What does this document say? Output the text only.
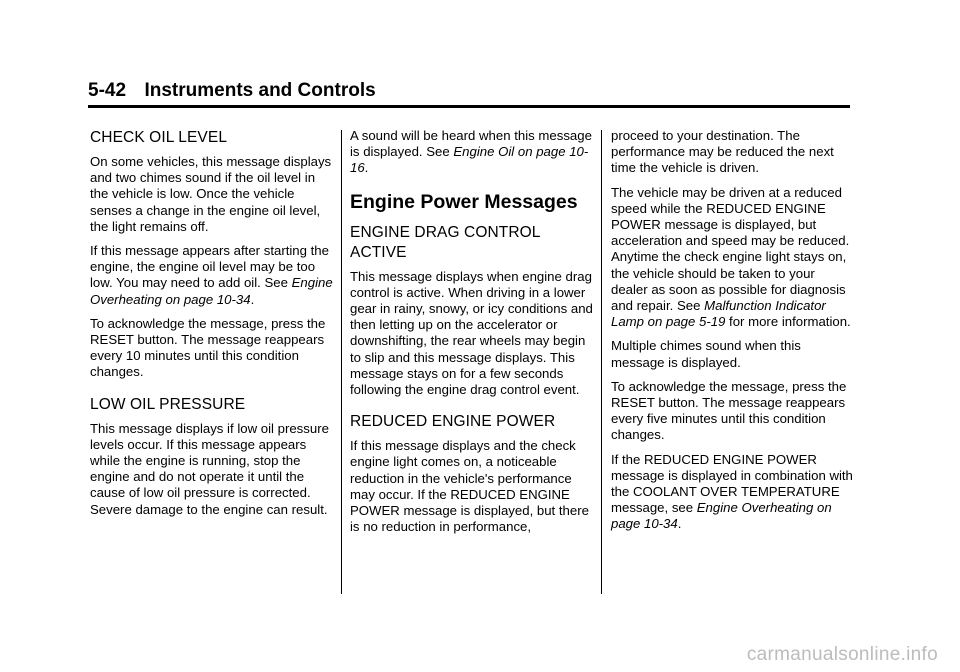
5-42 Instruments and Controls
CHECK OIL LEVEL

On some vehicles, this message displays and two chimes sound if the oil level in the vehicle is low. Once the vehicle senses a change in the engine oil level, the light remains off.

If this message appears after starting the engine, the engine oil level may be too low. You may need to add oil. See Engine Overheating on page 10-34.

To acknowledge the message, press the RESET button. The message reappears every 10 minutes until this condition changes.

LOW OIL PRESSURE

This message displays if low oil pressure levels occur. If this message appears while the engine is running, stop the engine and do not operate it until the cause of low oil pressure is corrected. Severe damage to the engine can result.

A sound will be heard when this message is displayed. See Engine Oil on page 10-16.

Engine Power Messages
ENGINE DRAG CONTROL ACTIVE

This message displays when engine drag control is active. When driving in a lower gear in rainy, snowy, or icy conditions and then letting up on the accelerator or downshifting, the rear wheels may begin to slip and this message displays. This message stays on for a few seconds following the engine drag control event.

REDUCED ENGINE POWER

If this message displays and the check engine light comes on, a noticeable reduction in the vehicle's performance may occur. If the REDUCED ENGINE POWER message is displayed, but there is no reduction in performance,

proceed to your destination. The performance may be reduced the next time the vehicle is driven.

The vehicle may be driven at a reduced speed while the REDUCED ENGINE POWER message is displayed, but acceleration and speed may be reduced. Anytime the check engine light stays on, the vehicle should be taken to your dealer as soon as possible for diagnosis and repair. See Malfunction Indicator Lamp on page 5-19 for more information.

Multiple chimes sound when this message is displayed.

To acknowledge the message, press the RESET button. The message reappears every five minutes until this condition changes.

If the REDUCED ENGINE POWER message is displayed in combination with the COOLANT OVER TEMPERATURE message, see Engine Overheating on page 10-34.

carmanualsonline.info
